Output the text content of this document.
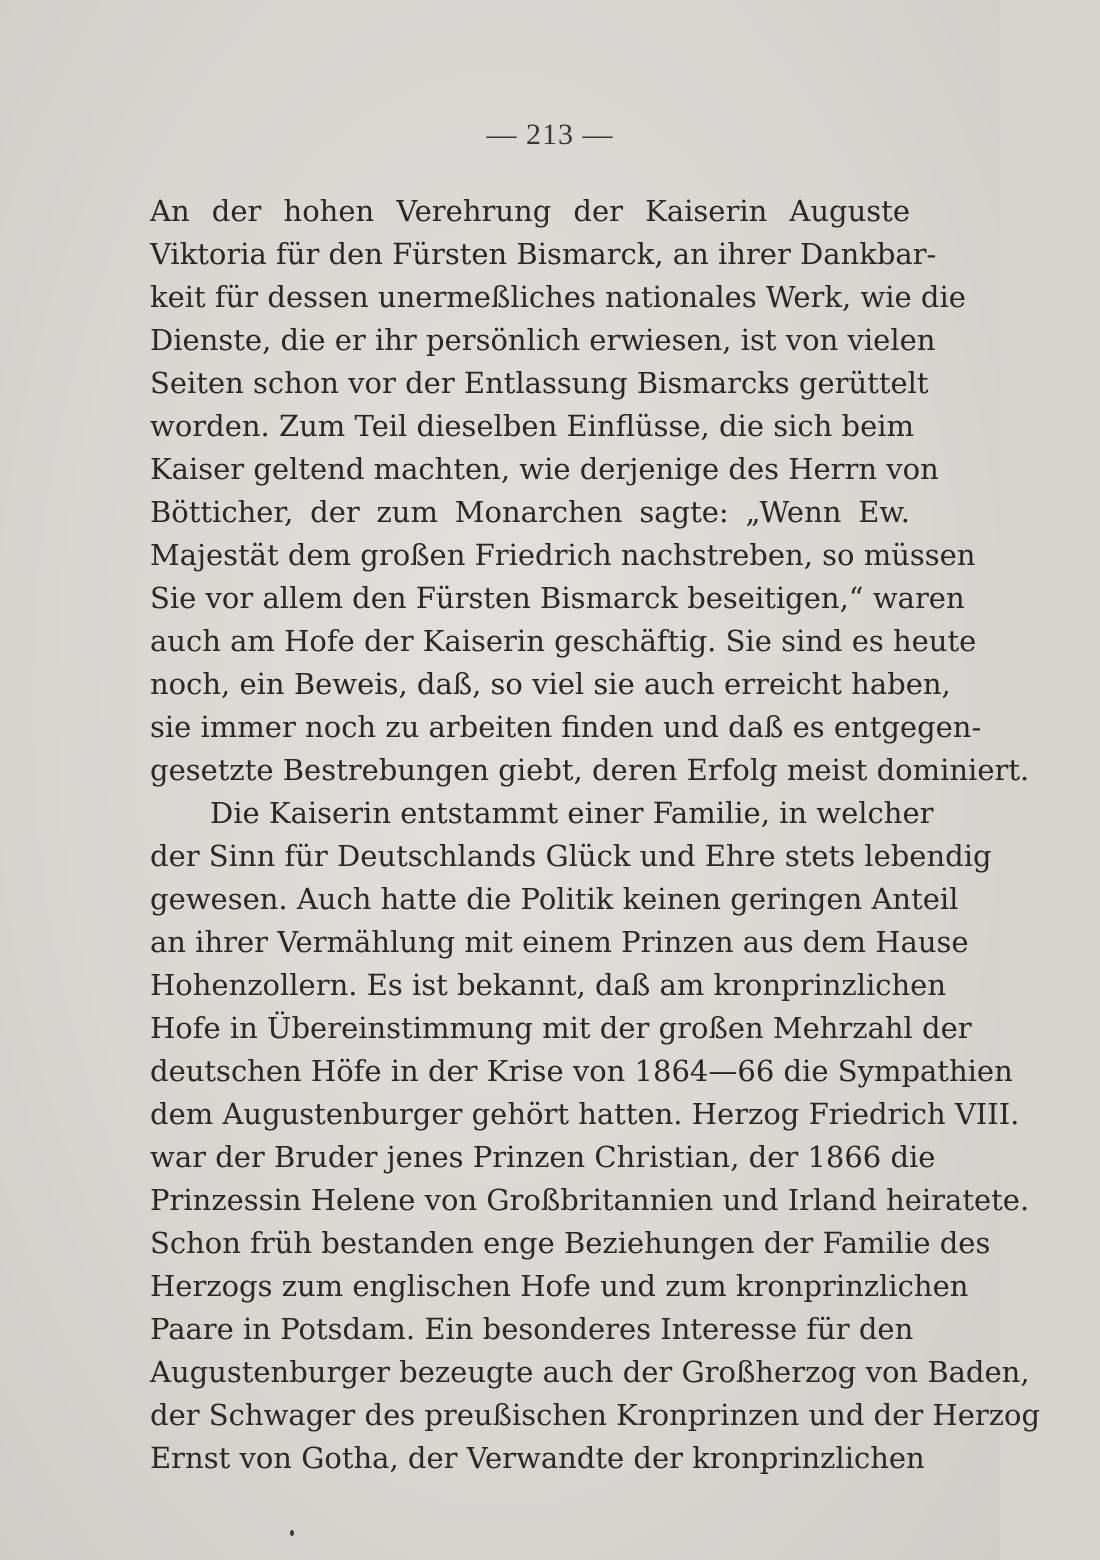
— 213 —
An der hohen Verehrung der Kaiserin Auguste
Viktoria für den Fürsten Bismarck, an ihrer Dankbar-
keit für dessen unermeßliches nationales Werk, wie die
Dienste, die er ihr persönlich erwiesen, ist von vielen
Seiten schon vor der Entlassung Bismarcks gerüttelt
worden. Zum Teil dieselben Einflüsse, die sich beim
Kaiser geltend machten, wie derjenige des Herrn von
Bötticher, der zum Monarchen sagte: „Wenn Ew.
Majestät dem großen Friedrich nachstreben, so müssen
Sie vor allem den Fürsten Bismarck beseitigen,“ waren
auch am Hofe der Kaiserin geschäftig. Sie sind es heute
noch, ein Beweis, daß, so viel sie auch erreicht haben,
sie immer noch zu arbeiten finden und daß es entgegen-
gesetzte Bestrebungen giebt, deren Erfolg meist dominiert.
Die Kaiserin entstammt einer Familie, in welcher
der Sinn für Deutschlands Glück und Ehre stets lebendig
gewesen. Auch hatte die Politik keinen geringen Anteil
an ihrer Vermählung mit einem Prinzen aus dem Hause
Hohenzollern. Es ist bekannt, daß am kronprinzlichen
Hofe in Übereinstimmung mit der großen Mehrzahl der
deutschen Höfe in der Krise von 1864—66 die Sympathien
dem Augustenburger gehört hatten. Herzog Friedrich VIII.
war der Bruder jenes Prinzen Christian, der 1866 die
Prinzessin Helene von Großbritannien und Irland heiratete.
Schon früh bestanden enge Beziehungen der Familie des
Herzogs zum englischen Hofe und zum kronprinzlichen
Paare in Potsdam. Ein besonderes Interesse für den
Augustenburger bezeugte auch der Großherzog von Baden,
der Schwager des preußischen Kronprinzen und der Herzog
Ernst von Gotha, der Verwandte der kronprinzlichen
